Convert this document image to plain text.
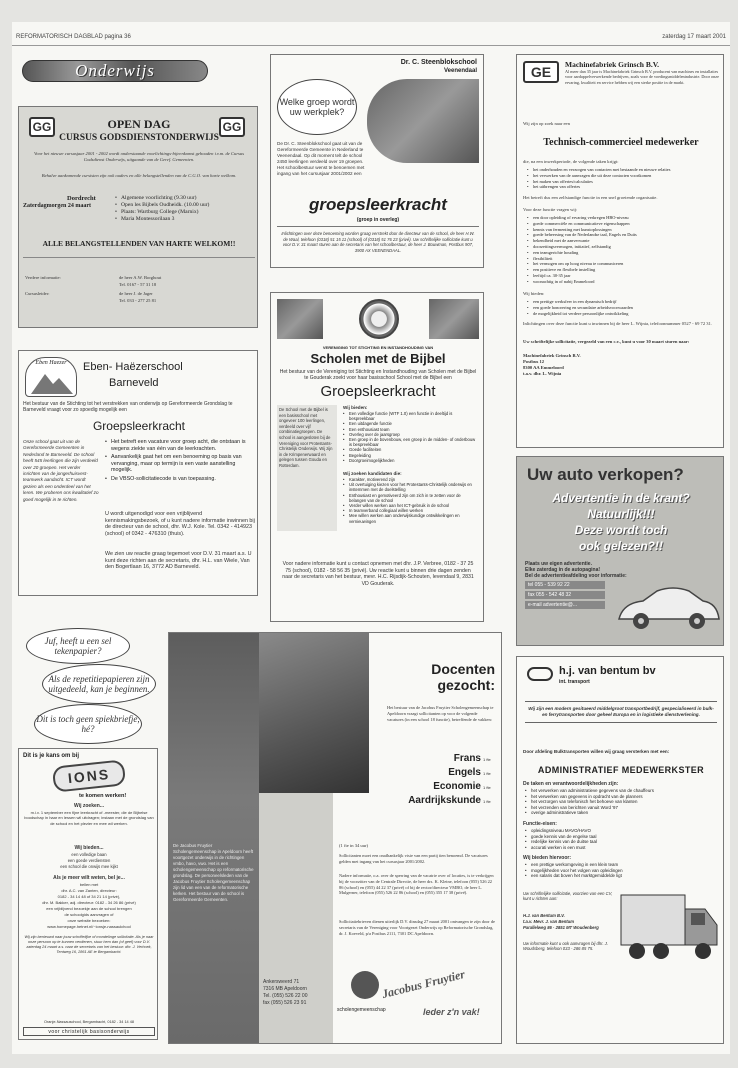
REFORMATORISCH DAGBLAD pagina 36	zaterdag 17 maart 2001
Onderwijs
GG	GG
OPEN DAG
CURSUS GODSDIENSTONDERWIJS
Voor het nieuwe cursusjaar 2001 - 2002 wordt onderstaande voorlichtings-bijeenkomst gehouden i.v.m. de Cursus Godsdienst Onderwijs, uitgaande van de Geref. Gemeenten.
Behalve aankomende cursisten zijn ook ouders en alle belangstellenden van de C.G.O. van harte welkom.
Dordrecht
Zaterdagmorgen 24 maart
• Algemene voorlichting (9.30 uur)
• Open les Bijbels Oudheidk. (10.00 uur)
• Plaats: Wartburg College (Marnix)
• Maria Montessorilaan 3
ALLE BELANGSTELLENDEN VAN HARTE WELKOM!!
Verdere informatie:	de heer A.W. Borghout
Tel. 0167 - 57 31 18
Cursusleider:	de heer J. de Jager
Tel. 033 - 277 25 81
Eben Haezer	Eben- Haëzerschool
Barneveld
Het bestuur van de Stichting tot het verstrekken van onderwijs op Gereformeerde Grondslag te Barneveld vraagt voor zo spoedig mogelijk een
Groepsleerkracht
Onze school gaat uit van de Gereformeerde Gemeenten in Nederland te Barneveld. De school heeft 545 leerlingen die zijn verdeeld over 20 groepen. Het verder inrichten van de jongerhuisvest-teamwerk aandacht. ICT wordt gezien als een onderdeel van het leren. We proberen ons kwalitatief zo goed mogelijk in te richten.
• Het betreft een vacature voor groep acht, die ontstaan is wegens ziekte van één van de leerkrachten.
• Aanvankelijk gaat het om een benoeming op basis van vervanging, maar op termijn is een vaste aanstelling mogelijk.
• De VBSO-sollicitatiecode is van toepassing.
U wordt uitgenodigd voor een vrijblijvend kennismakingsbezoek, of u kunt nadere informatie inwinnen bij de directeur van de school, dhr. W.J. Kole. Tel. 0342 - 414923 (school) of 0342 - 476310 (thuis).
We zien uw reactie graag tegemoet voor D.V. 31 maart a.s. U kunt deze richten aan de secretaris, dhr. H.L. van Wiele, Van den Bogertlaan 16, 3772 AD Barneveld.
Dr. C. Steenblokschool
Veenendaal
Welke groep wordt uw werkplek?
De Dr. C. Steenblokschool gaat uit van de Gereformeerde Gemeente in Nederland te Veenendaal. Op dit moment telt de school 2450 leerlingen verdeeld over 19 groepen. Het schoolbestuur wenst te benoemen met ingang van het cursusjaar 2001/2002 een
groepsleerkracht
(groep in overleg)
Inlichtingen over deze benoeming worden graag verstrekt door de directeur van de school, de heer H.W. de Waal, telefoon (0318) 51 15 11 (school) of (0318) 51 76 23 (privé). Uw schriftelijke sollicitatie kunt u voor D.V. 31 maart sturen aan de secretaris van het schoolbestuur, de heer J. Bouwman, Postbus 907, 3900 AX VEENENDAAL.
VERENIGING TOT STICHTING EN INSTANDHOUDING VAN
Scholen met de Bijbel
Het bestuur van de Vereniging tot Stichting en Instandhouding van Scholen met de Bijbel te Gouderak zoekt voor haar basisschool School met de Bijbel een
Groepsleerkracht
De School met de Bijbel is een basisschool met ongeveer 100 leerlingen, verdeeld over vijf combinatiegroepen. De school is aangesloten bij de Vereniging voor Protestants-Christelijk Onderwijs. Wij zijn in de Krimpenerwaard en gelegen tussen Gouda en Rotterdam.
Wij bieden:
• Een volledige functie (WTF 1.0) een functie in deeltijd is bespreekbaar
• Een uitdagende functie
• Een enthousiast team
• Overleg over de jaarsgroep
• Een groep in de bovenbouw, een groep in de midden- of onderbouw is bespreekbaar
• Goede faciliteiten
• Begeleiding
• Doorgroeimogelijkheden
Wij zoeken kandidaten die:
• Karakter, motiverend zijn
• Uit overtuiging kiezen voor het Protestants-Christelijk onderwijs en instemmen met de doelstelling
• Enthousiast en gemotiveerd zijn om zich in te zetten voor de belangen van de school
• Verder willen werken aan het ICT-gebruik in de school
• In teamverband collegiaal willen werken
• Mee willen werken aan onderwijskundige ontwikkelingen en vernieuwingen
Voor nadere informatie kunt u contact opnemen met dhr. J.P. Verbree, 0182 - 37 25 75 (school), 0182 - 58 56 35 (privé). Uw reactie kunt u binnen drie dagen zenden naar de secretaris van het bestuur, mevr. H.C. Rijsdijk-Schouten, Ievendaal 9, 2831 VD Gouderak.
GE	Machinefabriek Grinsch B.V.
Al meer dan 35 jaar is Machinefabriek Grinsch B.V. producent van machines en installaties voor aardappelverwerkende bedrijven, zoals voor de voedingsmiddelenindustrie. Door onze ervaring, kwaliteit en service hebben wij een sterke positie in de markt.
Wij zijn op zoek naar een
Technisch-commercieel medewerker
die, na een inwerkperiode, de volgende taken krijgt:
• het onderhouden en verzorgen van contacten met bestaande en nieuwe relaties
• het verwerken van de aanvragen die uit deze contacten voortkomen
• het maken van offertes/calculaties
• het uitbrengen van offertes
Het betreft dus een zelfstandige functie in een snel groeiende organisatie.
Voor deze functie vragen wij:
• een door opleiding of ervaring verkregen HBO-niveau
• goede commerciële en communicatieve eigenschappen
• kennis van fermenting met kunstoplossingen
• goede beheersing van de Nederlandse taal, Engels en Duits
• bekendheid met de aanverwante
• doorzettingsvermogen, initiatief, zelfstandig
• een teamgerichte houding
• flexibiliteit
• het vermogen om op hoog niveau te communiceren
• een positieve en flexibele instelling
• leeftijd ca. 30-35 jaar
• woonachtig in of nabij Emmeloord
Wij bieden:
• een prettige werksfeer in een dynamisch bedrijf
• een goede honorering en secundaire arbeidsvoorwaarden
• de mogelijkheid tot verdere persoonlijke ontwikkeling
Inlichtingen over deze functie kunt u inwinnen bij de heer L. Wijnia, telefoonnummer 0527 - 69 72 31.
Uw schriftelijke sollicitatie, vergezeld van een c.v., kunt u voor 30 maart sturen naar:
Machinefabriek Grinsch B.V.
Postbus 12
8300 AA Emmeloord
t.a.v. dhr. L. Wijnia
Uw auto verkopen?
Advertentie in de krant?
Natuurlijk!!!
Deze wordt toch
ook gelezen?!!
Plaats uw eigen advertentie.
Elke zaterdag in de autopagina!
Bel de advertentieafdeling voor informatie:
tel 055 - 539 92 22
fax 055 - 542 48 32
e-mail advertentie@...
Juf, heeft u een sel tekenpapier?
Als de repetitiepapieren zijn uitgedeeld, kan je beginnen.
Dit is toch geen spiekbriefje, hé?
Dit is je kans om bij
IONS
te komen werken!
Wij zoeken...
m.i.v. 1 september een fijne leerkracht of -meester, die de Bijbelse boodschap in haar en lessen wil uitdragen; instaan met de grondslag van de school en het plezier en mee wil werken.
Wij bieden...
een volledige baan
een goede verdiensten
een school die onwijs mee kijkt
Als je meer wilt weten, bel je...
bellen met
dhr. A.C. van Zanten, directeur:
0182 - 34 14 48 of 34 21 14 (privé),
dhr. M. Bakker, adj. directeur: 0182 - 34 26 86 (privé)
een vrijblijvend bezoekje aan de school brengen
de schoolgids aanvragen of
onze website bezoeken:
www.homepage.hetnet.nl/~ionsje-nassaulchool
Wij zijn benieuwd naar jouw schriftelijke of mondelinge sollicitatie. Als je naar onze persoon op te kunnen verdienen, stuur hem dan (of geef) voor D.V. zaterdag 24 maart a.s. naar de secretaris van het bestuur: dhr. J. Verhoek, Tentweg 16, 2861 AE te Bergambacht.
Oranje-Nassauschool, Bergambacht, 0182 - 34 14 48
voor christelijk basisonderwijs
Docenten gezocht:
Het bestuur van de Jacobus Fruytier Scholengemeenschap te Apeldoorn vraagt sollicitanten op voor de volgende vacatures (in een school 18 functie), betreffende de vakken:
Frans
Engels
Economie
Aardrijkskunde
1 fte
1 fte
1 fte
1 fte
De Jacobus Fruytier Scholengemeenschap in Apeldoorn heeft voortgezet onderwijs in de richtingen vmbo, havo, vwo. Het is een scholengemeenschap op reformatorische grondslag. De personeelsleden van de Jacobus Fruytier Scholengemeenschap zijn lid van een van de reformatorische kerken. Het bestuur van de school is Gereformeerde Gemeenten.
(1 fte in 34 uur)
Sollicitanten moet een onafhankelijk visie van een partij tien benoemd. De vacatures gelden met ingang van het cursusjaar 2001/2002.
Nadere informatie, o.a. over de sperring van de vacatrie over of locaties, is te verkrijgen bij de voorzitter van de Centrale Directie, de heer drs. K. Kleine, telefoon (055) 526 22 86 (school) en (055) 44 22 37 (privé) of bij de rector/directeur VMBO, de heer L. Mulgerner, telefoon (055) 526 22 86 (school) en (055) 355 17 38 (privé).
Sollicitatiebrieven dienen uiterlijk D.V. dinsdag 27 maart 2001 ontvangen te zijn door de secretaris van de Vereniging voor Voortgezet Onderwijs op Reformatorische Grondslag, dr. J. Koeveld, p/a Postbus 2111, 7301 DC Apeldoorn.
Ankersweerd 71
7316 MB Apeldoorn
Tel. (055) 526 22 00
fax (055) 526 23 91
Jacobus Fruytier
scholengemeenschap	leder z'n vak!
h.j. van bentum bv
int. transport
Wij zijn een modern gesitueerd middelgroot transportbedrijf, gespecialiseerd in bulk- en ferrytransporten door geheel Europa en in logistieke dienstverlening.
Door afdeling Bulktransporten willen wij graag versterken met een:
ADMINISTRATIEF MEDEWERKSTER
De taken en verantwoordelijkheden zijn:
• het verwerken van administratieve gegevens van de chauffeurs
• het verwerken van gegevens in opdracht van de planners
• het verzorgen van telefonisch het behoeve van klanten
• het verzenden van berichten vanuit Word '97
• overige administratieve taken
Functie-eisen:
• opleidingsniveau MAVO/HAVO
• goede kennis van de engelse taal
• redelijke kennis van de duitse taal
• accurati werken is een must
Wij bieden hiervoor:
• een prettige werkomgeving in een klein team
• mogelijkheden voor het volgen van opleidingen
• een salaris dat boven het marktgemiddelde ligt
Uw schriftelijke sollicitatie, voorzien van een CV, kunt u richten aan:
H.J. van Bentum B.V.
t.a.v. Mevr. J. van Bentum
Parallelweg 86 · 2851 MT Woudenberg
Uw informatie kunt u ook aanvragen bij dhr. J. Woudsberg, telefoon 033 - 286 85 75.
